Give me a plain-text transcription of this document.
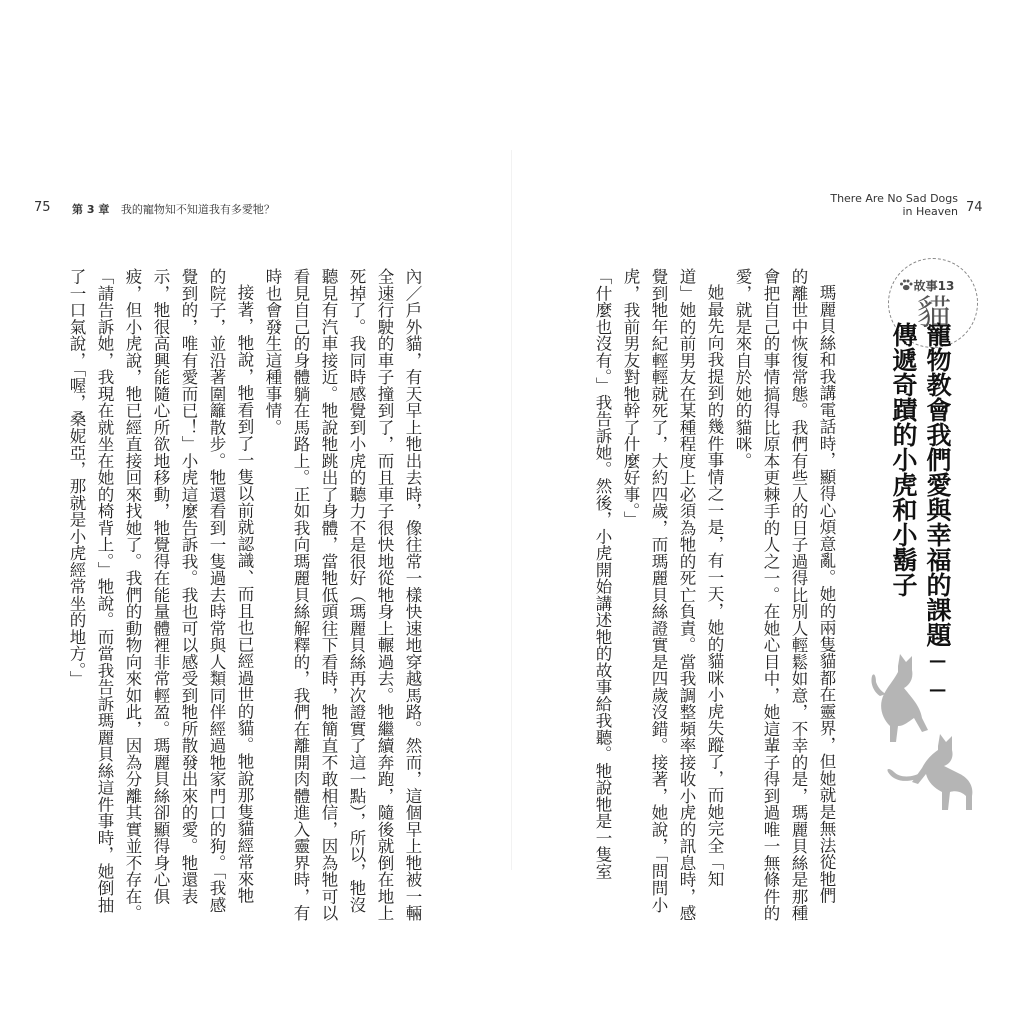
75 第 3 章 我的寵物知不知道我有多愛牠？
了一口氣說，「喔，桑妮亞，那就是小虎經常坐的地方。」 「請告訴她，我現在就坐在她的椅背上。」牠說。而當我告訴瑪麗貝絲這件事時，她倒抽 疲，但小虎說，牠已經直接回來找她了。我們的動物向來如此，因為分離其實並不存在。 示，牠很高興能隨心所欲地移動，牠覺得在能量體裡非常輕盈。瑪麗貝絲卻顯得身心俱 覺到的，唯有愛而已！」小虎這麼告訴我。我也可以感受到牠所散發出來的愛。牠還表 的院子，並沿著圍籬散步。牠還看到一隻過去時常與人類同伴經過牠家門口的狗。「我感 接著，牠說，牠看到了一隻以前就認識、而且也已經過世的貓。牠說那隻貓經常來牠 時也會發生這種事情。 看見自己的身體躺在馬路上。正如我向瑪麗貝絲解釋的，我們在離開肉體進入靈界時，有 聽見有汽車接近。牠說牠跳出了身體，當牠低頭往下看時，牠簡直不敢相信，因為牠可以 死掉了。我同時感覺到小虎的聽力不是很好（瑪麗貝絲再次證實了這一點），所以，牠沒 全速行駛的車子撞到了，而且車子很快地從牠身上輾過去。牠繼續奔跑，隨後就倒在地上 內／戶外貓，有天早上牠出去時，像往常一樣快速地穿越馬路。然而，這個早上牠被一輛	「什麼也沒有。」我告訴她。然後，小虎開始講述牠的故事給我聽。牠說牠是一隻室 虎，我前男友對牠幹了什麼好事。」 覺到牠年紀輕輕就死了，大約四歲，而瑪麗貝絲證實是四歲沒錯。接著，她說，「問問小 道」她的前男友在某種程度上必須為牠的死亡負責。當我調整頻率接收小虎的訊息時，感 她最先向我提到的幾件事情之一是，有一天，她的貓咪小虎失蹤了，而她完全「知 愛，就是來自於她的貓咪。 會把自己的事情搞得比原本更棘手的人之一。在她心目中，她這輩子得到過唯一無條件的 的離世中恢復常態。我們有些人的日子過得比別人輕鬆如意，不幸的是，瑪麗貝絲是那種 瑪麗貝絲和我講電話時，顯得心煩意亂。她的兩隻貓都在靈界，但她就是無法從牠們
74
There Are No Sad Dogs
in Heaven
故事13
貓
寵物教會我們愛與幸福的課題──
傳遞奇蹟的小虎和小鬍子
